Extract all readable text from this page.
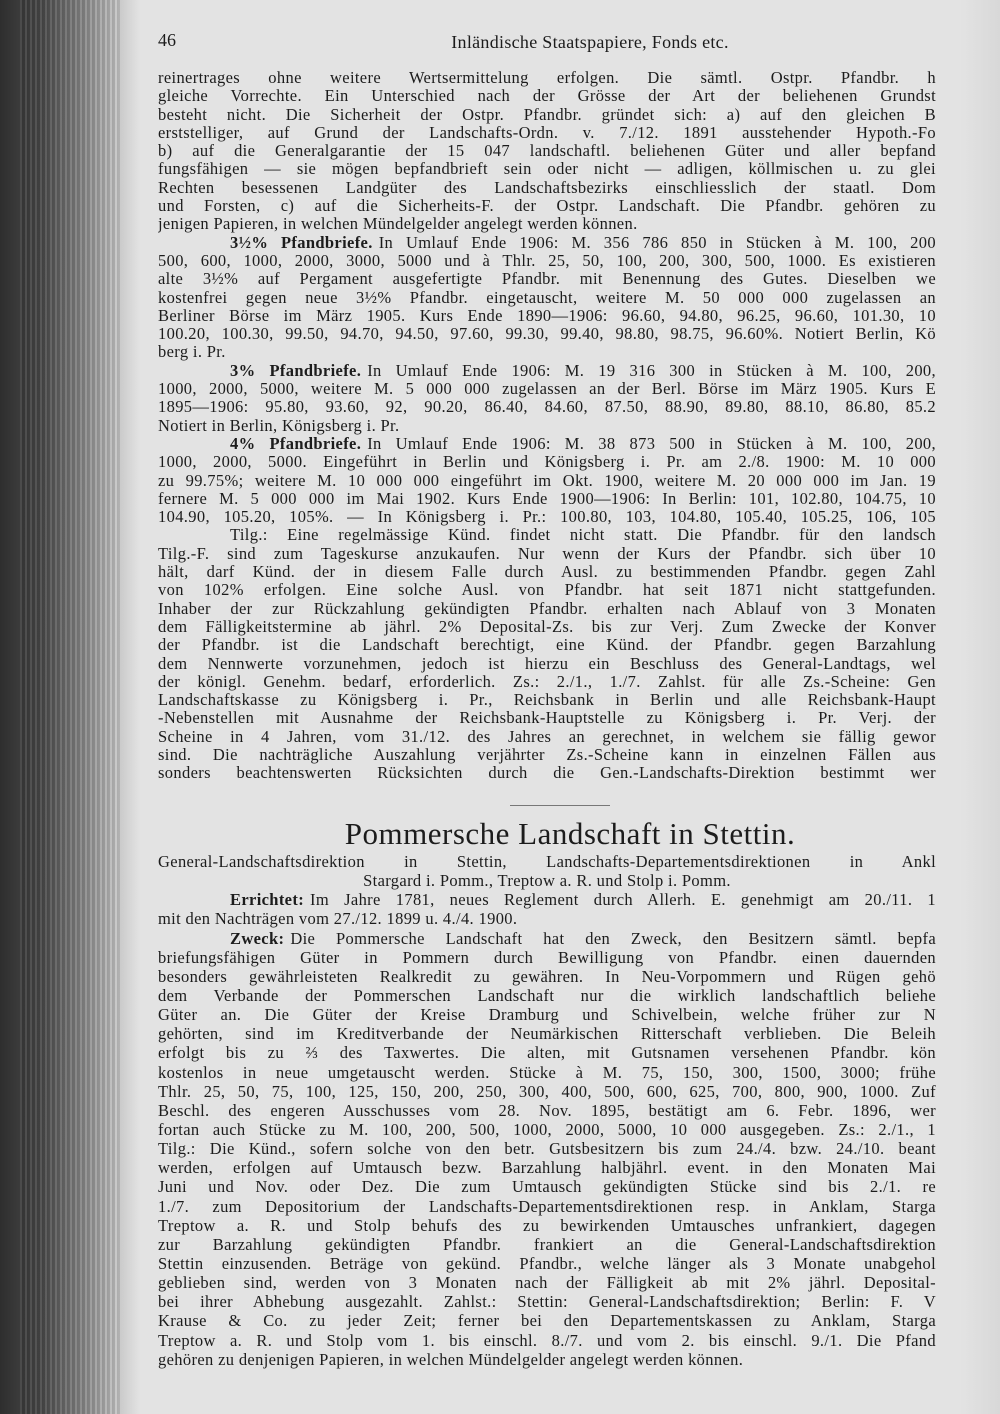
46	Inländische Staatspapiere, Fonds etc.
reinertrages ohne weitere Wertsermittelung erfolgen. Die sämtl. Ostpr. Pfandbr. h
gleiche Vorrechte. Ein Unterschied nach der Grösse der Art der beliehenen Grundst
besteht nicht. Die Sicherheit der Ostpr. Pfandbr. gründet sich: a) auf den gleichen B
erststelliger, auf Grund der Landschafts-Ordn. v. 7./12. 1891 ausstehender Hypoth.-Fo
b) auf die Generalgarantie der 15 047 landschaftl. beliehenen Güter und aller bepfand
fungsfähigen — sie mögen bepfandbrieft sein oder nicht — adligen, köllmischen u. zu glei
Rechten besessenen Landgüter des Landschaftsbezirks einschliesslich der staatl. Dom
und Forsten, c) auf die Sicherheits-F. der Ostpr. Landschaft. Die Pfandbr. gehören zu
jenigen Papieren, in welchen Mündelgelder angelegt werden können.
3½% Pfandbriefe. In Umlauf Ende 1906: M. 356 786 850 in Stücken à M. 100, 200
500, 600, 1000, 2000, 3000, 5000 und à Thlr. 25, 50, 100, 200, 300, 500, 1000. Es existieren
alte 3½% auf Pergament ausgefertigte Pfandbr. mit Benennung des Gutes. Dieselben we
kostenfrei gegen neue 3½% Pfandbr. eingetauscht, weitere M. 50 000 000 zugelassen an
Berliner Börse im März 1905. Kurs Ende 1890—1906: 96.60, 94.80, 96.25, 96.60, 101.30, 10
100.20, 100.30, 99.50, 94.70, 94.50, 97.60, 99.30, 99.40, 98.80, 98.75, 96.60%. Notiert Berlin, Kö
berg i. Pr.
3% Pfandbriefe. In Umlauf Ende 1906: M. 19 316 300 in Stücken à M. 100, 200,
1000, 2000, 5000, weitere M. 5 000 000 zugelassen an der Berl. Börse im März 1905. Kurs E
1895—1906: 95.80, 93.60, 92, 90.20, 86.40, 84.60, 87.50, 88.90, 89.80, 88.10, 86.80, 85.2
Notiert in Berlin, Königsberg i. Pr.
4% Pfandbriefe. In Umlauf Ende 1906: M. 38 873 500 in Stücken à M. 100, 200,
1000, 2000, 5000. Eingeführt in Berlin und Königsberg i. Pr. am 2./8. 1900: M. 10 000
zu 99.75%; weitere M. 10 000 000 eingeführt im Okt. 1900, weitere M. 20 000 000 im Jan. 19
fernere M. 5 000 000 im Mai 1902. Kurs Ende 1900—1906: In Berlin: 101, 102.80, 104.75, 10
104.90, 105.20, 105%. — In Königsberg i. Pr.: 100.80, 103, 104.80, 105.40, 105.25, 106, 105
Tilg.: Eine regelmässige Künd. findet nicht statt. Die Pfandbr. für den landsch
Tilg.-F. sind zum Tageskurse anzukaufen. Nur wenn der Kurs der Pfandbr. sich über 10
hält, darf Künd. der in diesem Falle durch Ausl. zu bestimmenden Pfandbr. gegen Zahl
von 102% erfolgen. Eine solche Ausl. von Pfandbr. hat seit 1871 nicht stattgefunden.
Inhaber der zur Rückzahlung gekündigten Pfandbr. erhalten nach Ablauf von 3 Monaten
dem Fälligkeitstermine ab jährl. 2% Deposital-Zs. bis zur Verj. Zum Zwecke der Konver
der Pfandbr. ist die Landschaft berechtigt, eine Künd. der Pfandbr. gegen Barzahlung
dem Nennwerte vorzunehmen, jedoch ist hierzu ein Beschluss des General-Landtags, wel
der königl. Genehm. bedarf, erforderlich. Zs.: 2./1., 1./7. Zahlst. für alle Zs.-Scheine: Gen
Landschaftskasse zu Königsberg i. Pr., Reichsbank in Berlin und alle Reichsbank-Haupt
-Nebenstellen mit Ausnahme der Reichsbank-Hauptstelle zu Königsberg i. Pr. Verj. der
Scheine in 4 Jahren, vom 31./12. des Jahres an gerechnet, in welchem sie fällig gewor
sind. Die nachträgliche Auszahlung verjährter Zs.-Scheine kann in einzelnen Fällen aus
sonders beachtenswerten Rücksichten durch die Gen.-Landschafts-Direktion bestimmt wer
Pommersche Landschaft in Stettin.
General-Landschaftsdirektion in Stettin, Landschafts-Departementsdirektionen in Ankl
Stargard i. Pomm., Treptow a. R. und Stolp i. Pomm.
Errichtet: Im Jahre 1781, neues Reglement durch Allerh. E. genehmigt am 20./11. 1
mit den Nachträgen vom 27./12. 1899 u. 4./4. 1900.
Zweck: Die Pommersche Landschaft hat den Zweck, den Besitzern sämtl. bepfa
briefungsfähigen Güter in Pommern durch Bewilligung von Pfandbr. einen dauernden
besonders gewährleisteten Realkredit zu gewähren. In Neu-Vorpommern und Rügen gehö
dem Verbande der Pommerschen Landschaft nur die wirklich landschaftlich beliehe
Güter an. Die Güter der Kreise Dramburg und Schivelbein, welche früher zur N
gehörten, sind im Kreditverbande der Neumärkischen Ritterschaft verblieben. Die Beleih
erfolgt bis zu ⅔ des Taxwertes. Die alten, mit Gutsnamen versehenen Pfandbr. kön
kostenlos in neue umgetauscht werden. Stücke à M. 75, 150, 300, 1500, 3000; frühe
Thlr. 25, 50, 75, 100, 125, 150, 200, 250, 300, 400, 500, 600, 625, 700, 800, 900, 1000. Zuf
Beschl. des engeren Ausschusses vom 28. Nov. 1895, bestätigt am 6. Febr. 1896, wer
fortan auch Stücke zu M. 100, 200, 500, 1000, 2000, 5000, 10 000 ausgegeben. Zs.: 2./1., 1
Tilg.: Die Künd., sofern solche von den betr. Gutsbesitzern bis zum 24./4. bzw. 24./10. beant
werden, erfolgen auf Umtausch bezw. Barzahlung halbjährl. event. in den Monaten Mai
Juni und Nov. oder Dez. Die zum Umtausch gekündigten Stücke sind bis 2./1. re
1./7. zum Depositorium der Landschafts-Departementsdirektionen resp. in Anklam, Starga
Treptow a. R. und Stolp behufs des zu bewirkenden Umtausches unfrankiert, dagegen
zur Barzahlung gekündigten Pfandbr. frankiert an die General-Landschaftsdirektion
Stettin einzusenden. Beträge von gekünd. Pfandbr., welche länger als 3 Monate unabgehol
geblieben sind, werden von 3 Monaten nach der Fälligkeit ab mit 2% jährl. Deposital-
bei ihrer Abhebung ausgezahlt. Zahlst.: Stettin: General-Landschaftsdirektion; Berlin: F. V
Krause & Co. zu jeder Zeit; ferner bei den Departementskassen zu Anklam, Starga
Treptow a. R. und Stolp vom 1. bis einschl. 8./7. und vom 2. bis einschl. 9./1. Die Pfand
gehören zu denjenigen Papieren, in welchen Mündelgelder angelegt werden können.
